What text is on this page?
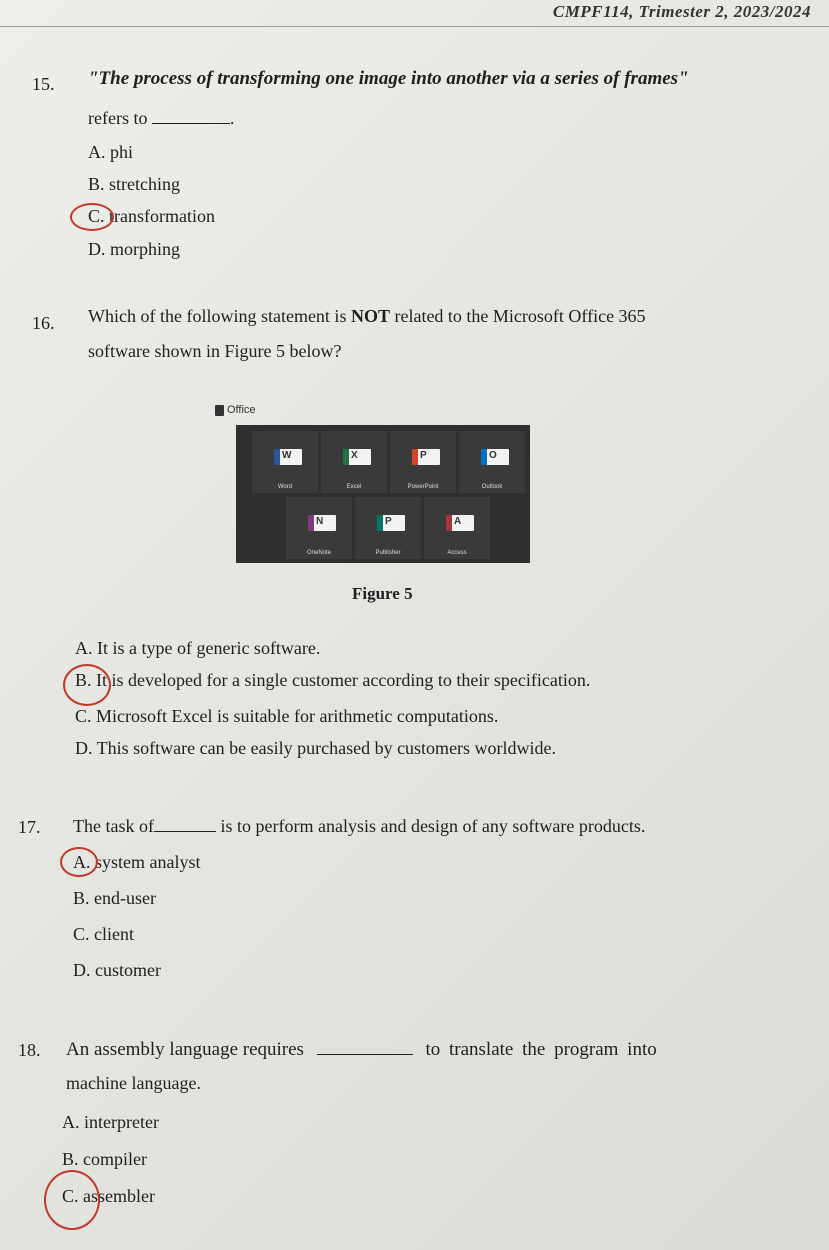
CMPF114, Trimester 2, 2023/2024
15. "The process of transforming one image into another via a series of frames"
refers to	.
A. phi
B. stretching
C. transformation
D. morphing
16. Which of the following statement is NOT related to the Microsoft Office 365
software shown in Figure 5 below?
Office
W
Word
X
Excel
P
PowerPoint
O
Outlook
N
OneNote
P
Publisher
A
Access
Figure 5
A. It is a type of generic software.
B. It is developed for a single customer according to their specification.
C. Microsoft Excel is suitable for arithmetic computations.
D. This software can be easily purchased by customers worldwide.
17. The task of	is to perform analysis and design of any software products.
A. system analyst
B. end-user
C. client
D. customer
18. An assembly language requires	to translate the program into
machine language.
A. interpreter
B. compiler
C. assembler
